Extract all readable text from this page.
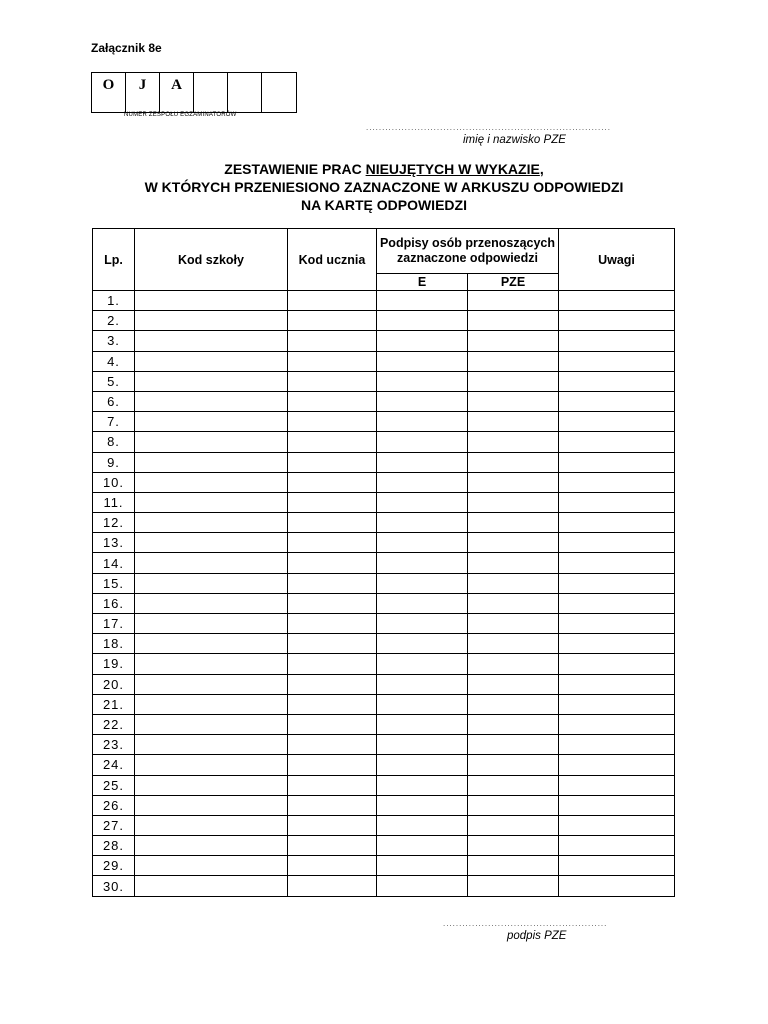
Załącznik 8e
O	J	A
NUMER ZESPOŁU EGZAMINATORÓW
............................................................................
imię i nazwisko PZE
ZESTAWIENIE PRAC NIEUJĘTYCH W WYKAZIE,
W KTÓRYCH PRZENIESIONO ZAZNACZONE W ARKUSZU ODPOWIEDZI
NA KARTĘ ODPOWIEDZI
Lp.	Kod szkoły	Kod ucznia	Podpisy osób przenoszących zaznaczone odpowiedzi		Uwagi
			E	PZE	
1.					
2.					
3.					
4.					
5.					
6.					
7.					
8.					
9.					
10.					
11.					
12.					
13.					
14.					
15.					
16.					
17.					
18.					
19.					
20.					
21.					
22.					
23.					
24.					
25.					
26.					
27.					
28.					
29.					
30.					
...................................................
podpis PZE
